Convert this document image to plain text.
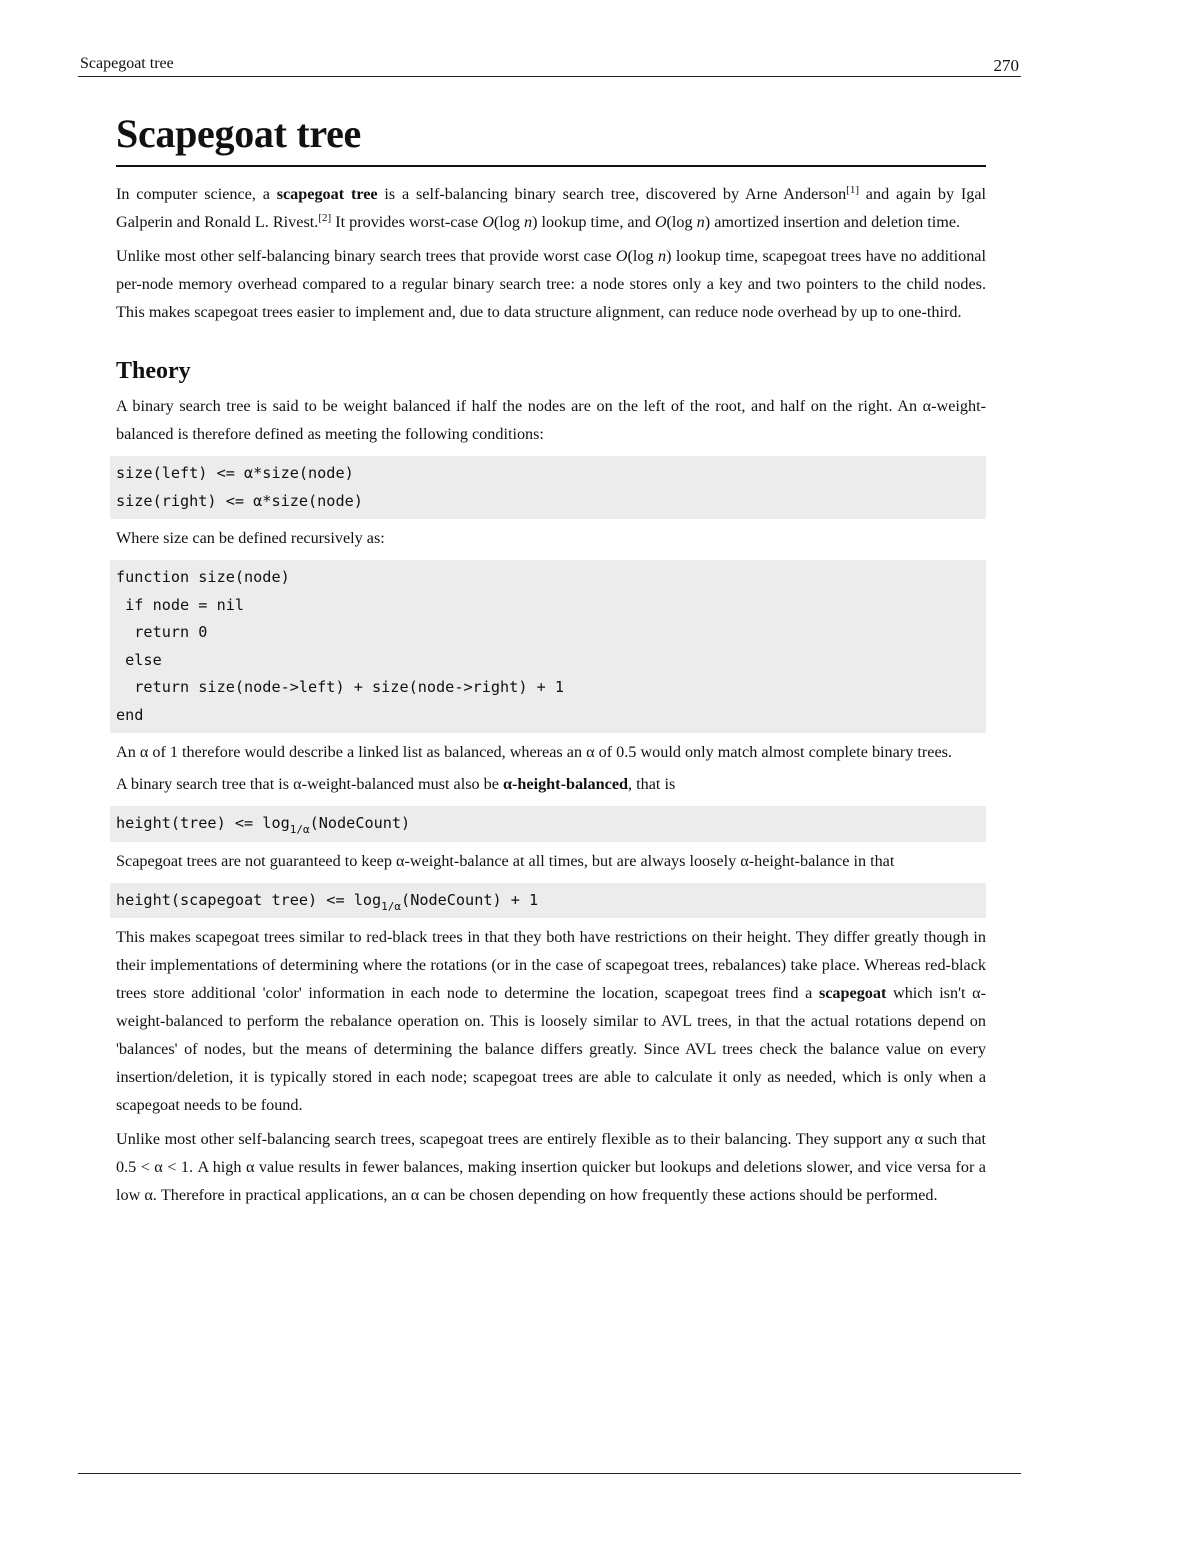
Scapegoat tree	270
Scapegoat tree

In computer science, a scapegoat tree is a self-balancing binary search tree, discovered by Arne Anderson[1] and again by Igal Galperin and Ronald L. Rivest.[2] It provides worst-case O(log n) lookup time, and O(log n) amortized insertion and deletion time.

Unlike most other self-balancing binary search trees that provide worst case O(log n) lookup time, scapegoat trees have no additional per-node memory overhead compared to a regular binary search tree: a node stores only a key and two pointers to the child nodes. This makes scapegoat trees easier to implement and, due to data structure alignment, can reduce node overhead by up to one-third.

Theory

A binary search tree is said to be weight balanced if half the nodes are on the left of the root, and half on the right. An α-weight-balanced is therefore defined as meeting the following conditions:

size(left) <= α*size(node)
size(right) <= α*size(node)

Where size can be defined recursively as:

function size(node)
if node = nil
return 0
else
return size(node->left) + size(node->right) + 1
end

An α of 1 therefore would describe a linked list as balanced, whereas an α of 0.5 would only match almost complete binary trees.

A binary search tree that is α-weight-balanced must also be α-height-balanced, that is

height(tree) <= $\log_{1/\alpha}(NodeCount)$

Scapegoat trees are not guaranteed to keep α-weight-balance at all times, but are always loosely α-height-balance in that

height(scapegoat tree) <= $\log_{1/\alpha}(NodeCount) + 1$

This makes scapegoat trees similar to red-black trees in that they both have restrictions on their height. They differ greatly though in their implementations of determining where the rotations (or in the case of scapegoat trees, rebalances) take place. Whereas red-black trees store additional 'color' information in each node to determine the location, scapegoat trees find a scapegoat which isn't α-weight-balanced to perform the rebalance operation on. This is loosely similar to AVL trees, in that the actual rotations depend on 'balances' of nodes, but the means of determining the balance differs greatly. Since AVL trees check the balance value on every insertion/deletion, it is typically stored in each node; scapegoat trees are able to calculate it only as needed, which is only when a scapegoat needs to be found.

Unlike most other self-balancing search trees, scapegoat trees are entirely flexible as to their balancing. They support any α such that 0.5 < α < 1. A high α value results in fewer balances, making insertion quicker but lookups and deletions slower, and vice versa for a low α. Therefore in practical applications, an α can be chosen depending on how frequently these actions should be performed.
